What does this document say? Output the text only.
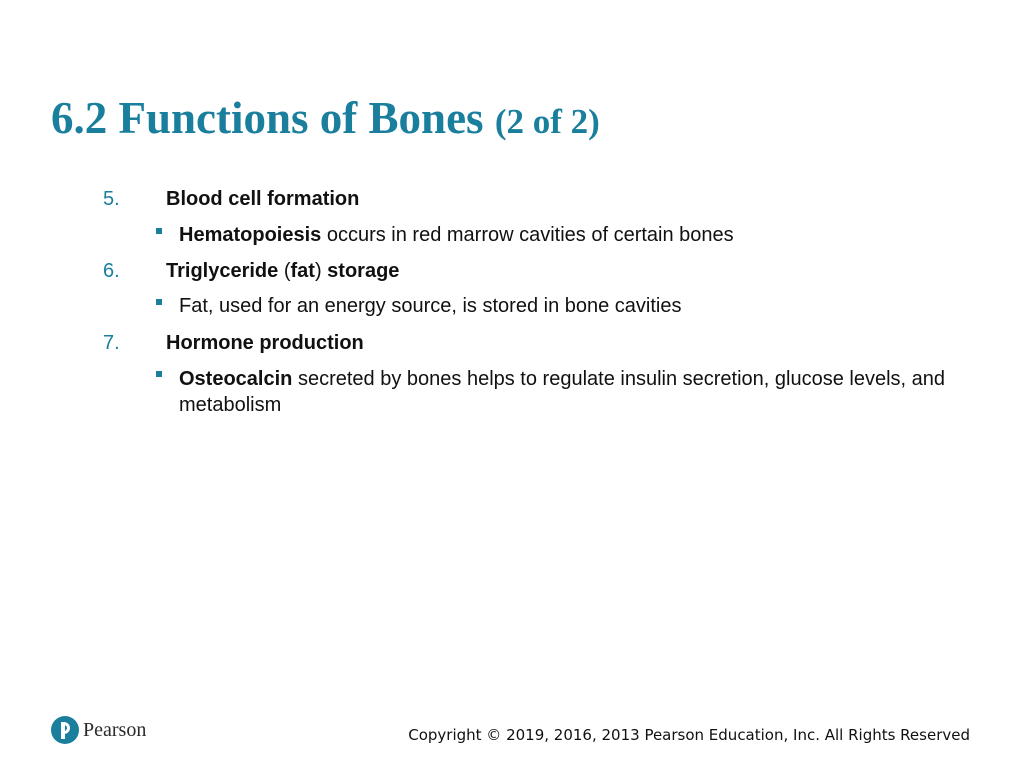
6.2 Functions of Bones (2 of 2)
5. Blood cell formation
Hematopoiesis occurs in red marrow cavities of certain bones
6. Triglyceride (fat) storage
Fat, used for an energy source, is stored in bone cavities
7. Hormone production
Osteocalcin secreted by bones helps to regulate insulin secretion, glucose levels, and metabolism
Pearson	Copyright © 2019, 2016, 2013 Pearson Education, Inc. All Rights Reserved
